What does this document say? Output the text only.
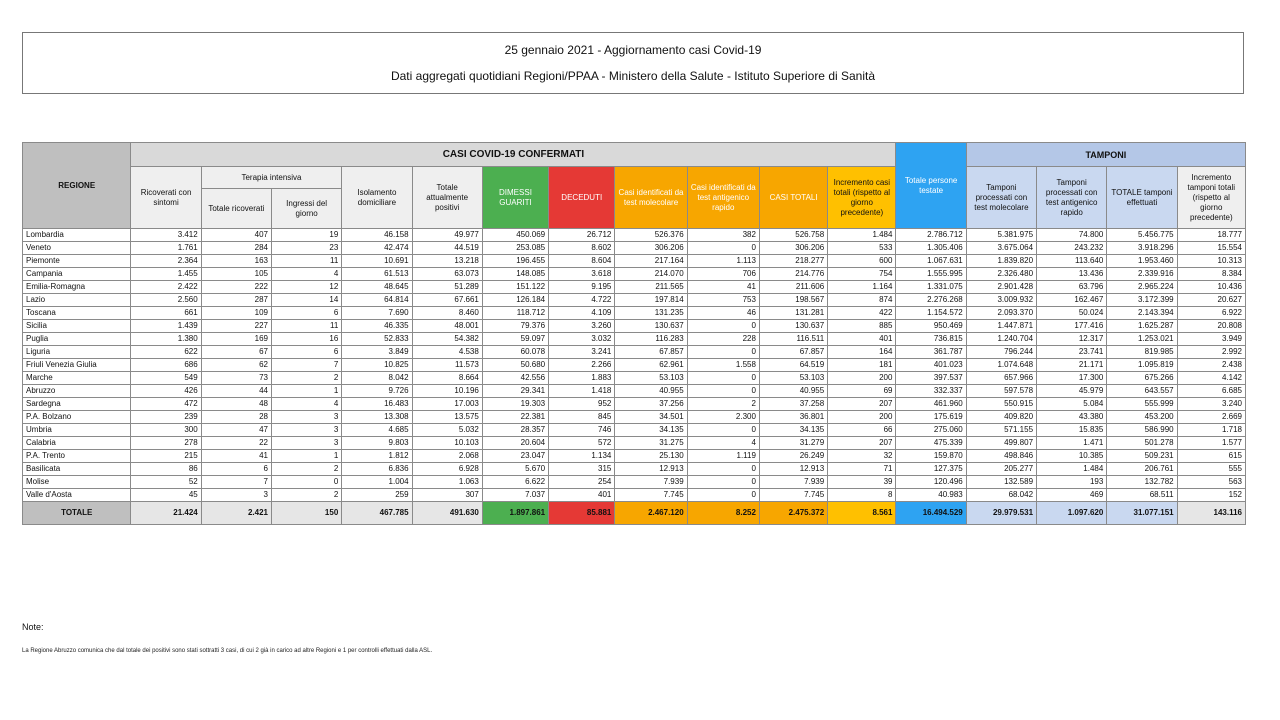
25 gennaio 2021 - Aggiornamento casi Covid-19
Dati aggregati quotidiani Regioni/PPAA - Ministero della Salute - Istituto Superiore di Sanità
REGIONE	CASI COVID-19 CONFERMATI											Totale persone testate	TAMPONI			
	Ricoverati con sintomi	Terapia intensiva		Isolamento domiciliare	Totale attualmente positivi	DIMESSI GUARITI	DECEDUTI	Casi identificati da test molecolare	Casi identificati da test antigenico rapido	CASI TOTALI	Incremento casi totali (rispetto al giorno precedente)		Tamponi processati con test molecolare	Tamponi processati con test antigenico rapido	TOTALE tamponi effettuati	Incremento tamponi totali (rispetto al giorno precedente)
		Totale ricoverati	Ingressi del giorno													
Lombardia	3.412	407	19	46.158	49.977	450.069	26.712	526.376	382	526.758	1.484	2.786.712	5.381.975	74.800	5.456.775	18.777
Veneto	1.761	284	23	42.474	44.519	253.085	8.602	306.206	0	306.206	533	1.305.406	3.675.064	243.232	3.918.296	15.554
Piemonte	2.364	163	11	10.691	13.218	196.455	8.604	217.164	1.113	218.277	600	1.067.631	1.839.820	113.640	1.953.460	10.313
Campania	1.455	105	4	61.513	63.073	148.085	3.618	214.070	706	214.776	754	1.555.995	2.326.480	13.436	2.339.916	8.384
Emilia-Romagna	2.422	222	12	48.645	51.289	151.122	9.195	211.565	41	211.606	1.164	1.331.075	2.901.428	63.796	2.965.224	10.436
Lazio	2.560	287	14	64.814	67.661	126.184	4.722	197.814	753	198.567	874	2.276.268	3.009.932	162.467	3.172.399	20.627
Toscana	661	109	6	7.690	8.460	118.712	4.109	131.235	46	131.281	422	1.154.572	2.093.370	50.024	2.143.394	6.922
Sicilia	1.439	227	11	46.335	48.001	79.376	3.260	130.637	0	130.637	885	950.469	1.447.871	177.416	1.625.287	20.808
Puglia	1.380	169	16	52.833	54.382	59.097	3.032	116.283	228	116.511	401	736.815	1.240.704	12.317	1.253.021	3.949
Liguria	622	67	6	3.849	4.538	60.078	3.241	67.857	0	67.857	164	361.787	796.244	23.741	819.985	2.992
Friuli Venezia Giulia	686	62	7	10.825	11.573	50.680	2.266	62.961	1.558	64.519	181	401.023	1.074.648	21.171	1.095.819	2.438
Marche	549	73	2	8.042	8.664	42.556	1.883	53.103	0	53.103	200	397.537	657.966	17.300	675.266	4.142
Abruzzo	426	44	1	9.726	10.196	29.341	1.418	40.955	0	40.955	69	332.337	597.578	45.979	643.557	6.685
Sardegna	472	48	4	16.483	17.003	19.303	952	37.256	2	37.258	207	461.960	550.915	5.084	555.999	3.240
P.A. Bolzano	239	28	3	13.308	13.575	22.381	845	34.501	2.300	36.801	200	175.619	409.820	43.380	453.200	2.669
Umbria	300	47	3	4.685	5.032	28.357	746	34.135	0	34.135	66	275.060	571.155	15.835	586.990	1.718
Calabria	278	22	3	9.803	10.103	20.604	572	31.275	4	31.279	207	475.339	499.807	1.471	501.278	1.577
P.A. Trento	215	41	1	1.812	2.068	23.047	1.134	25.130	1.119	26.249	32	159.870	498.846	10.385	509.231	615
Basilicata	86	6	2	6.836	6.928	5.670	315	12.913	0	12.913	71	127.375	205.277	1.484	206.761	555
Molise	52	7	0	1.004	1.063	6.622	254	7.939	0	7.939	39	120.496	132.589	193	132.782	563
Valle d'Aosta	45	3	2	259	307	7.037	401	7.745	0	7.745	8	40.983	68.042	469	68.511	152
TOTALE	21.424	2.421	150	467.785	491.630	1.897.861	85.881	2.467.120	8.252	2.475.372	8.561	16.494.529	29.979.531	1.097.620	31.077.151	143.116
Note:
La Regione Abruzzo comunica che dal totale dei positivi sono stati sottratti 3 casi, di cui 2 già in carico ad altre Regioni e 1 per controlli effettuati dalla ASL.
